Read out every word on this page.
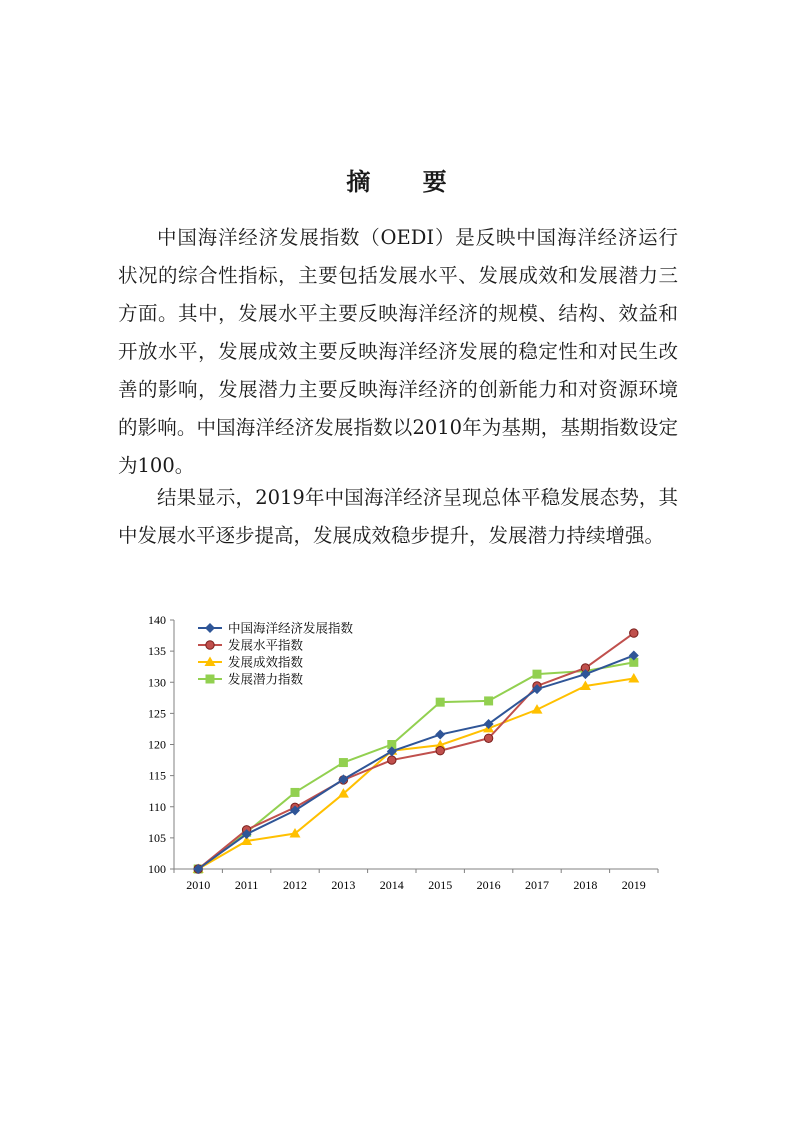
摘 要

中国海洋经济发展指数（OEDI）是反映中国海洋经济运行状况的综合性指标，主要包括发展水平、发展成效和发展潜力三方面。其中，发展水平主要反映海洋经济的规模、结构、效益和开放水平，发展成效主要反映海洋经济发展的稳定性和对民生改善的影响，发展潜力主要反映海洋经济的创新能力和对资源环境的影响。中国海洋经济发展指数以2010年为基期，基期指数设定为100。

结果显示，2019年中国海洋经济呈现总体平稳发展态势，其中发展水平逐步提高，发展成效稳步提升，发展潜力持续增强。

100
105
110
115
120
125
130
135
140
2010 2011 2012 2013 2014 2015 2016 2017 2018 2019
中国海洋经济发展指数
发展水平指数
发展成效指数
发展潜力指数
